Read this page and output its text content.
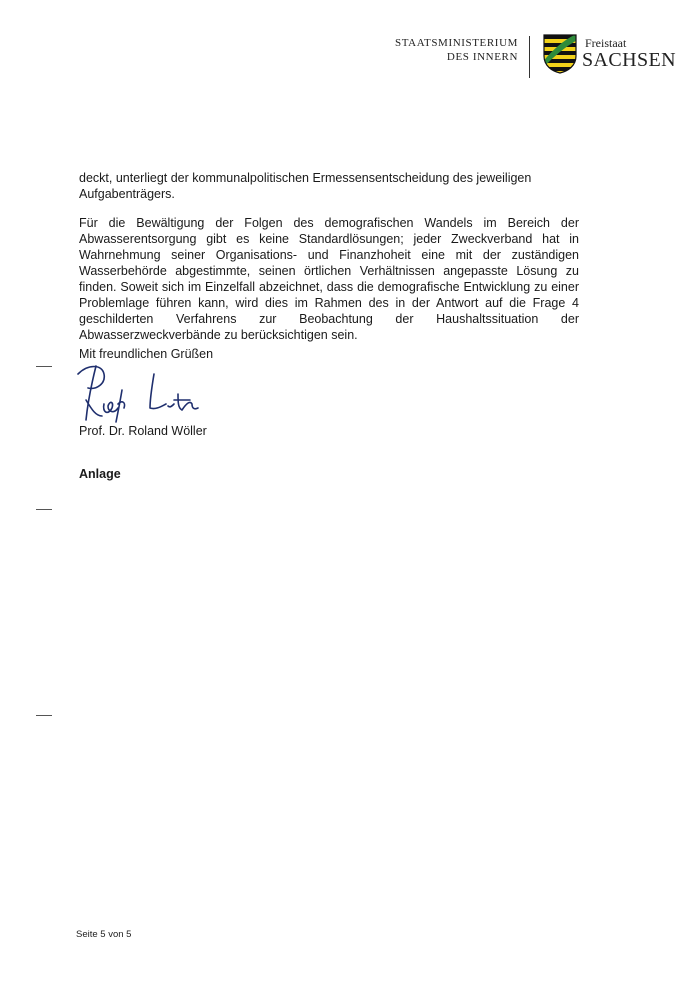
STAATSMINISTERIUM
DES INNERN
Freistaat
SACHSEN

deckt, unterliegt der kommunalpolitischen Ermessensentscheidung des jeweiligen Aufgabenträgers.

Für die Bewältigung der Folgen des demografischen Wandels im Bereich der Abwasserentsorgung gibt es keine Standardlösungen; jeder Zweckverband hat in Wahrnehmung seiner Organisations- und Finanzhoheit eine mit der zuständigen Wasserbehörde abgestimmte, seinen örtlichen Verhältnissen angepasste Lösung zu finden. Soweit sich im Einzelfall abzeichnet, dass die demografische Entwicklung zu einer Problemlage führen kann, wird dies im Rahmen des in der Antwort auf die Frage 4 geschilderten Verfahrens zur Beobachtung der Haushaltssituation der Abwasserzweckverbände zu berücksichtigen sein.

Mit freundlichen Grüßen
Prof. Dr. Roland Wöller
Anlage
Seite 5 von 5
